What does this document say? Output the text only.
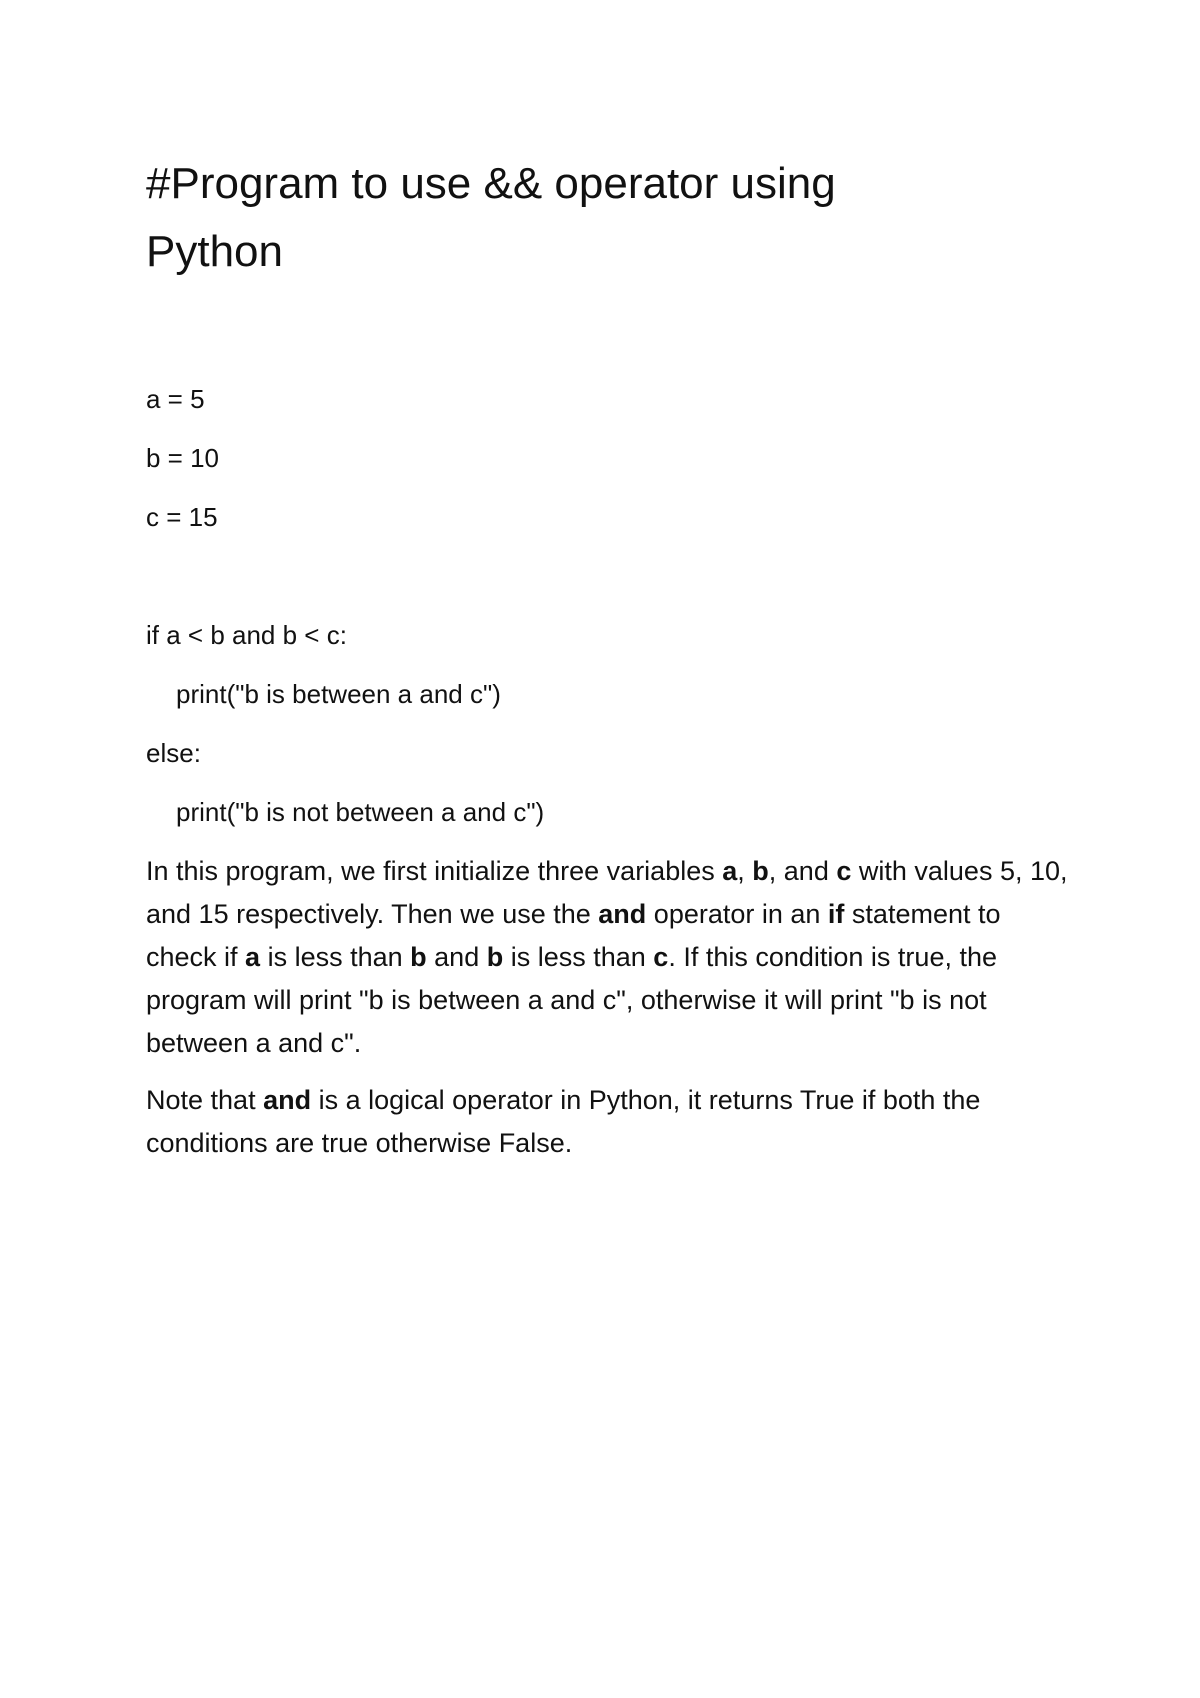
#Program to use && operator using Python
a = 5
b = 10
c = 15
if a < b and b < c:
print("b is between a and c")
else:
print("b is not between a and c")

In this program, we first initialize three variables a, b, and c with values 5, 10, and 15 respectively. Then we use the and operator in an if statement to check if a is less than b and b is less than c. If this condition is true, the program will print "b is between a and c", otherwise it will print "b is not between a and c".

Note that and is a logical operator in Python, it returns True if both the conditions are true otherwise False.
